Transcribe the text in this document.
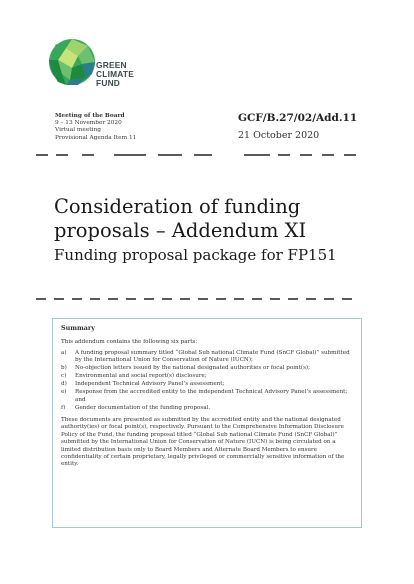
GREEN
CLIMATE
FUND
Meeting of the Board
9 – 13 November 2020
Virtual meeting
Provisional Agenda Item 11
GCF/B.27/02/Add.11
21 October 2020
Consideration of funding
proposals – Addendum XI
Funding proposal package for FP151
Summary
This addendum contains the following six parts:
a)	A funding proposal summary titled “Global Sub national Climate Fund (SnCF Global)” submitted by the International Union for Conservation of Nature (IUCN);
b)	No-objection letters issued by the national designated authorities or focal point(s);
c)	Environmental and social report(s) disclosure;
d)	Independent Technical Advisory Panel’s assessment;
e)	Response from the accredited entity to the independent Technical Advisory Panel’s assessment; and
f)	Gender documentation of the funding proposal.
These documents are presented as submitted by the accredited entity and the national designated authority(ies) or focal point(s), respectively. Pursuant to the Comprehensive Information Disclosure Policy of the Fund, the funding proposal titled “Global Sub national Climate Fund (SnCF Global)” submitted by the International Union for Conservation of Nature (IUCN) is being circulated on a limited distribution basis only to Board Members and Alternate Board Members to ensure confidentiality of certain proprietary, legally privileged or commercially sensitive information of the entity.
